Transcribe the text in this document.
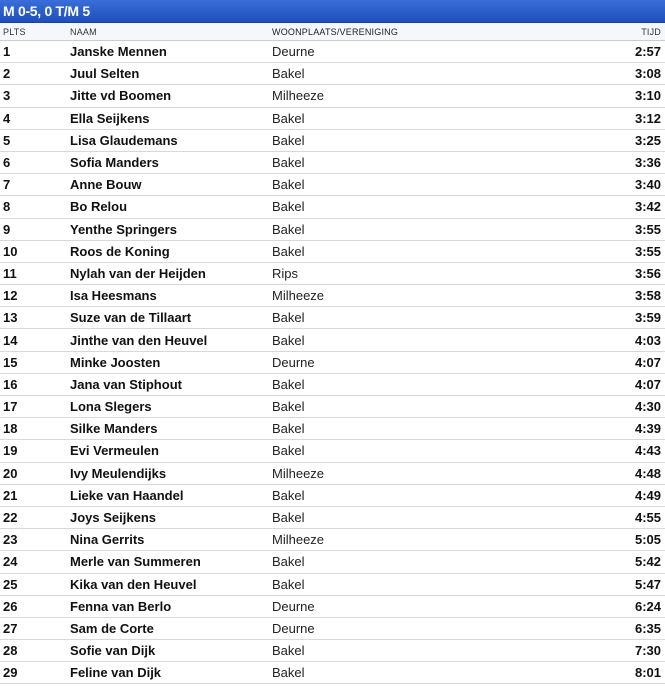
M 0-5, 0 T/M 5
PLTS	NAAM	WOONPLAATS/VERENIGING	TIJD
1	Janske Mennen	Deurne	2:57
2	Juul Selten	Bakel	3:08
3	Jitte vd Boomen	Milheeze	3:10
4	Ella Seijkens	Bakel	3:12
5	Lisa Glaudemans	Bakel	3:25
6	Sofia Manders	Bakel	3:36
7	Anne Bouw	Bakel	3:40
8	Bo Relou	Bakel	3:42
9	Yenthe Springers	Bakel	3:55
10	Roos de Koning	Bakel	3:55
11	Nylah van der Heijden	Rips	3:56
12	Isa Heesmans	Milheeze	3:58
13	Suze van de Tillaart	Bakel	3:59
14	Jinthe van den Heuvel	Bakel	4:03
15	Minke Joosten	Deurne	4:07
16	Jana van Stiphout	Bakel	4:07
17	Lona Slegers	Bakel	4:30
18	Silke Manders	Bakel	4:39
19	Evi Vermeulen	Bakel	4:43
20	Ivy Meulendijks	Milheeze	4:48
21	Lieke van Haandel	Bakel	4:49
22	Joys Seijkens	Bakel	4:55
23	Nina Gerrits	Milheeze	5:05
24	Merle van Summeren	Bakel	5:42
25	Kika van den Heuvel	Bakel	5:47
26	Fenna van Berlo	Deurne	6:24
27	Sam de Corte	Deurne	6:35
28	Sofie van Dijk	Bakel	7:30
29	Feline van Dijk	Bakel	8:01
